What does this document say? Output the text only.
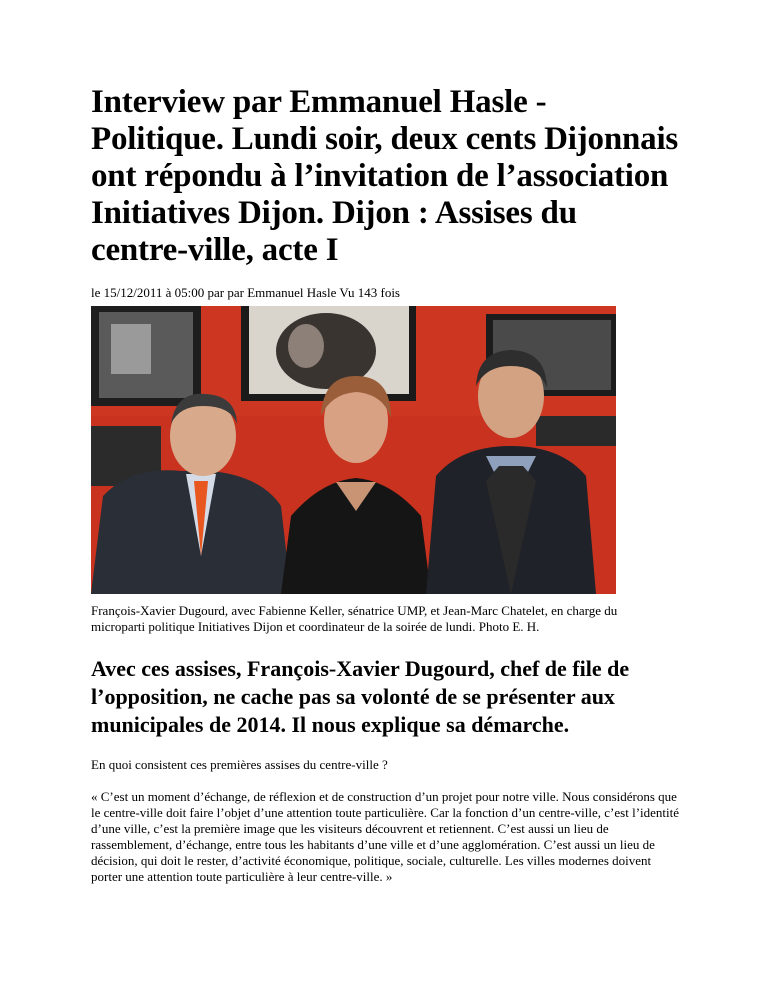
Interview par Emmanuel Hasle - Politique. Lundi soir, deux cents Dijonnais ont répondu à l’invitation de l’association Initiatives Dijon. Dijon : Assises du centre-ville, acte I
le 15/12/2011 à 05:00 par par Emmanuel Hasle Vu 143 fois
François-Xavier Dugourd, avec Fabienne Keller, sénatrice UMP, et Jean-Marc Chatelet, en charge du microparti politique Initiatives Dijon et coordinateur de la soirée de lundi. Photo E. H.
Avec ces assises, François-Xavier Dugourd, chef de file de l’opposition, ne cache pas sa volonté de se présenter aux municipales de 2014. Il nous explique sa démarche.
En quoi consistent ces premières assises du centre-ville ?
« C’est un moment d’échange, de réflexion et de construction d’un projet pour notre ville. Nous considérons que le centre-ville doit faire l’objet d’une attention toute particulière. Car la fonction d’un centre-ville, c’est l’identité d’une ville, c’est la première image que les visiteurs découvrent et retiennent. C’est aussi un lieu de rassemblement, d’échange, entre tous les habitants d’une ville et d’une agglomération. C’est aussi un lieu de décision, qui doit le rester, d’activité économique, politique, sociale, culturelle. Les villes modernes doivent porter une attention toute particulière à leur centre-ville. »
